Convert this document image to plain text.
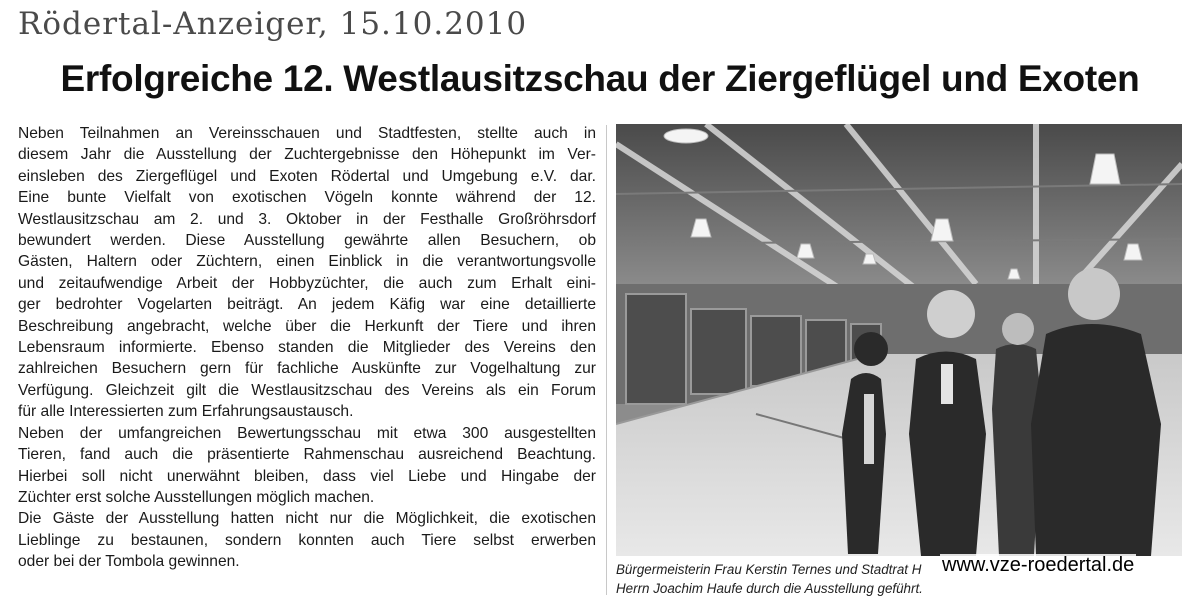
Rödertal-Anzeiger, 15.10.2010
Erfolgreiche 12. Westlausitzschau der Ziergeflügel und Exoten
Neben Teilnahmen an Vereinsschauen und Stadtfesten, stellte auch in
diesem Jahr die Ausstellung der Zuchtergebnisse den Höhepunkt im Ver-
einsleben des Ziergeflügel und Exoten Rödertal und Umgebung e.V. dar.
Eine bunte Vielfalt von exotischen Vögeln konnte während der 12.
Westlausitzschau am 2. und 3. Oktober in der Festhalle Großröhrsdorf
bewundert werden. Diese Ausstellung gewährte allen Besuchern, ob
Gästen, Haltern oder Züchtern, einen Einblick in die verantwortungsvolle
und zeitaufwendige Arbeit der Hobbyzüchter, die auch zum Erhalt eini-
ger bedrohter Vogelarten beiträgt. An jedem Käfig war eine detaillierte
Beschreibung angebracht, welche über die Herkunft der Tiere und ihren
Lebensraum informierte. Ebenso standen die Mitglieder des Vereins den
zahlreichen Besuchern gern für fachliche Auskünfte zur Vogelhaltung zur
Verfügung. Gleichzeit gilt die Westlausitzschau des Vereins als ein Forum
für alle Interessierten zum Erfahrungsaustausch.
Neben der umfangreichen Bewertungsschau mit etwa 300 ausgestellten
Tieren, fand auch die präsentierte Rahmenschau ausreichend Beachtung.
Hierbei soll nicht unerwähnt bleiben, dass viel Liebe und Hingabe der
Züchter erst solche Ausstellungen möglich machen.
Die Gäste der Ausstellung hatten nicht nur die Möglichkeit, die exotischen
Lieblinge zu bestaunen, sondern konnten auch Tiere selbst erwerben
oder bei der Tombola gewinnen.	Bürgermeisterin Frau Kerstin Ternes und Stadtrat H
Herrn Joachim Haufe durch die Ausstellung geführt.
www.vze-roedertal.de
